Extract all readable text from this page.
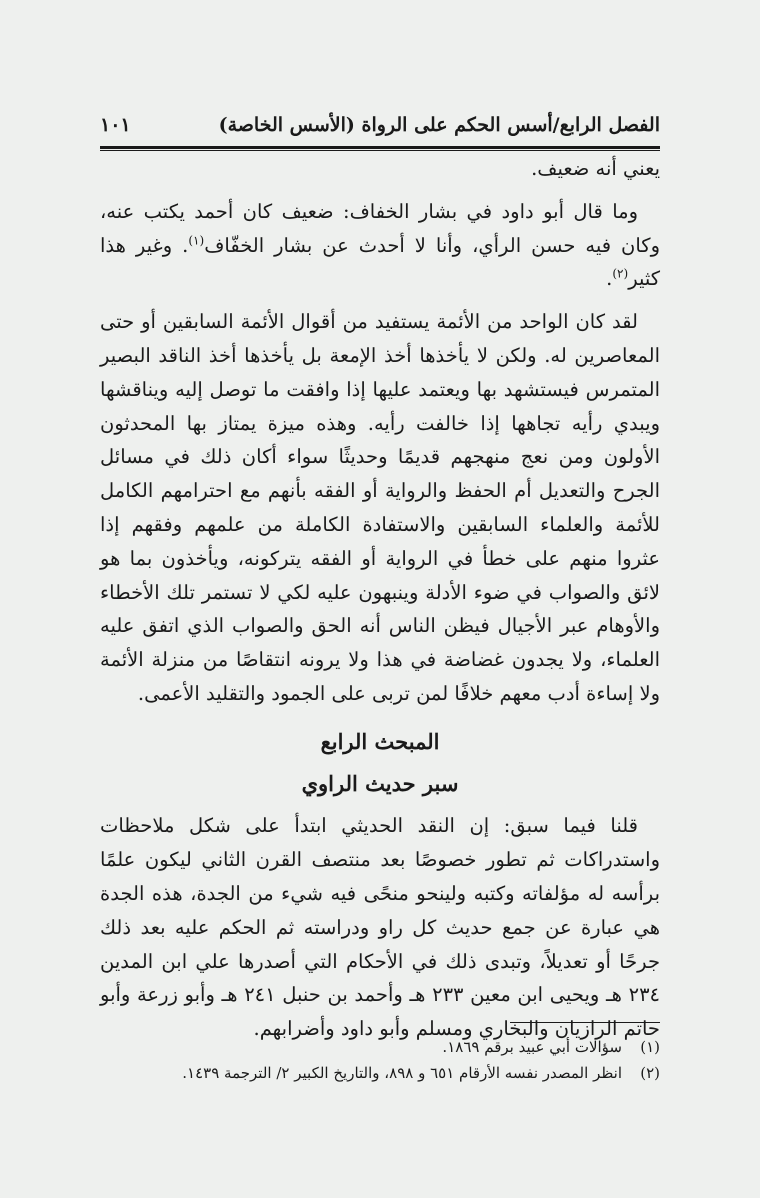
الفصل الرابع/أسس الحكم على الرواة (الأسس الخاصة)
١٠١

يعني أنه ضعيف.

وما قال أبو داود في بشار الخفاف: ضعيف كان أحمد يكتب عنه، وكان فيه حسن الرأي، وأنا لا أحدث عن بشار الخفّاف$^{(١)}$. وغير هذا كثير$^{(٢)}$.

لقد كان الواحد من الأئمة يستفيد من أقوال الأئمة السابقين أو حتى المعاصرين له. ولكن لا يأخذها أخذ الإمعة بل يأخذها أخذ الناقد البصير المتمرس فيستشهد بها ويعتمد عليها إذا وافقت ما توصل إليه ويناقشها ويبدي رأيه تجاهها إذا خالفت رأيه. وهذه ميزة يمتاز بها المحدثون الأولون ومن نعج منهجهم قديمًا وحديثًا سواء أكان ذلك في مسائل الجرح والتعديل أم الحفظ والرواية أو الفقه بأنهم مع احترامهم الكامل للأئمة والعلماء السابقين والاستفادة الكاملة من علمهم وفقهم إذا عثروا منهم على خطأ في الرواية أو الفقه يتركونه، ويأخذون بما هو لائق والصواب في ضوء الأدلة وينبهون عليه لكي لا تستمر تلك الأخطاء والأوهام عبر الأجيال فيظن الناس أنه الحق والصواب الذي اتفق عليه العلماء، ولا يجدون غضاضة في هذا ولا يرونه انتقاصًا من منزلة الأئمة ولا إساءة أدب معهم خلافًا لمن تربى على الجمود والتقليد الأعمى.

المبحث الرابع

سبر حديث الراوي

قلنا فيما سبق: إن النقد الحديثي ابتدأ على شكل ملاحظات واستدراكات ثم تطور خصوصًا بعد منتصف القرن الثاني ليكون علمًا برأسه له مؤلفاته وكتبه ولينحو منحًى فيه شيء من الجدة، هذه الجدة هي عبارة عن جمع حديث كل راو ودراسته ثم الحكم عليه بعد ذلك جرحًا أو تعديلاً، وتبدى ذلك في الأحكام التي أصدرها علي ابن المدين ٢٣٤ هـ ويحيى ابن معين ٢٣٣ هـ وأحمد بن حنبل ٢٤١ هـ وأبو زرعة وأبو حاتم الرازيان والبخاري ومسلم وأبو داود وأضرابهم.

(١)
سؤالات أبي عبيد برقم ١٨٦٩.
(٢)
انظر المصدر نفسه الأرقام ٦٥١ و ٨٩٨، والتاريخ الكبير ٢/ الترجمة ١٤٣٩.
